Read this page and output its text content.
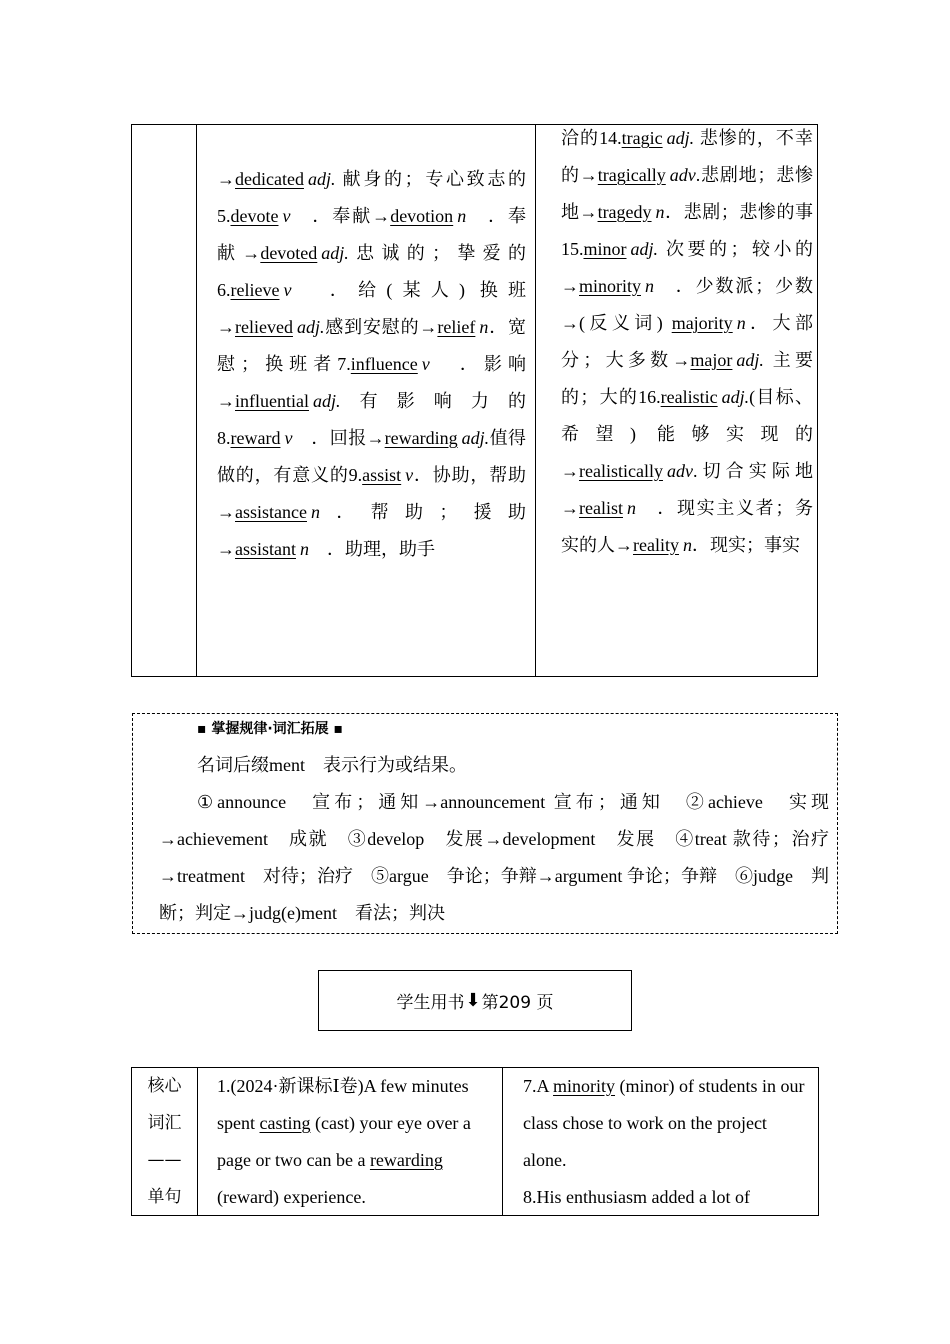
→dedicated adj. 献身的；专心致志的5.devote v　．奉献→devotion n　．奉献→devoted adj.忠诚的；挚爱的6.relieve v　．给(某人) 换班→relieved adj.感到安慰的→relief n．宽慰；换班者7.influence v　．影响→influential adj.有影响力的8.reward v　．回报→rewarding adj.值得做的，有意义的9.assist v．协助，帮助→assistance n．帮助；援助→assistant n　．助理，助手
洽的14.tragic adj. 悲惨的，不幸的→tragically adv.悲剧地；悲惨地→tragedy n．悲剧；悲惨的事15.minor adj. 次要的；较小的→minority n　．少数派；少数→(反义词) majority n．大部分；大多数→major adj. 主要的；大的16.realistic adj.(目标、希望) 能够实现的→realistically adv.切合实际地→realist n　．现实主义者；务实的人→reality n．现实；事实
▪ 掌握规律·词汇拓展 ▪
名词后缀ment　表示行为或结果。
①announce　宣布；通知→announcement 宣布；通知　②achieve　实现→achievement　成就　③develop　发展→development　发展　④treat 款待；治疗→treatment　对待；治疗　⑤argue　争论；争辩→argument 争论；争辩　⑥judge　判断；判定→judg(e)ment　看法；判决
学生用书 ⬇ 第209 页
核心
词汇
——
单句
1.(2024·新课标Ⅰ卷)A few minutes spent casting (cast) your eye over a page or two can be a rewarding (reward) experience.
7.A minority (minor) of students in our class chose to work on the project alone.
8.His enthusiasm added a lot of
